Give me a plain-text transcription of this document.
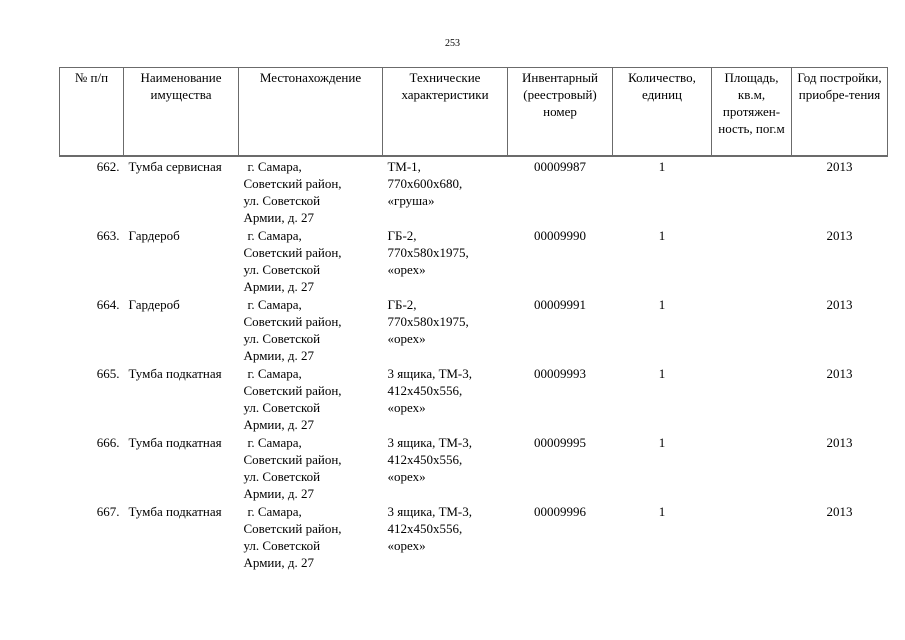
253
№ п/п	Наименование имущества	Местонахождение	Технические характеристики	Инвентарный (реестровый) номер	Количество, единиц	Площадь, кв.м, протяжен-ность, пог.м	Год постройки, приобре-тения
662.	Тумба сервисная	г. Самара,
Советский район,
ул. Советской
Армии, д. 27	ТМ-1,
770х600х680,
«груша»	00009987	1		2013
663.	Гардероб	г. Самара,
Советский район,
ул. Советской
Армии, д. 27	ГБ-2,
770х580х1975,
«орех»	00009990	1		2013
664.	Гардероб	г. Самара,
Советский район,
ул. Советской
Армии, д. 27	ГБ-2,
770х580х1975,
«орех»	00009991	1		2013
665.	Тумба подкатная	г. Самара,
Советский район,
ул. Советской
Армии, д. 27	3 ящика, ТМ-3,
412х450х556,
«орех»	00009993	1		2013
666.	Тумба подкатная	г. Самара,
Советский район,
ул. Советской
Армии, д. 27	3 ящика, ТМ-3,
412х450х556,
«орех»	00009995	1		2013
667.	Тумба подкатная	г. Самара,
Советский район,
ул. Советской
Армии, д. 27	3 ящика, ТМ-3,
412х450х556,
«орех»	00009996	1		2013
